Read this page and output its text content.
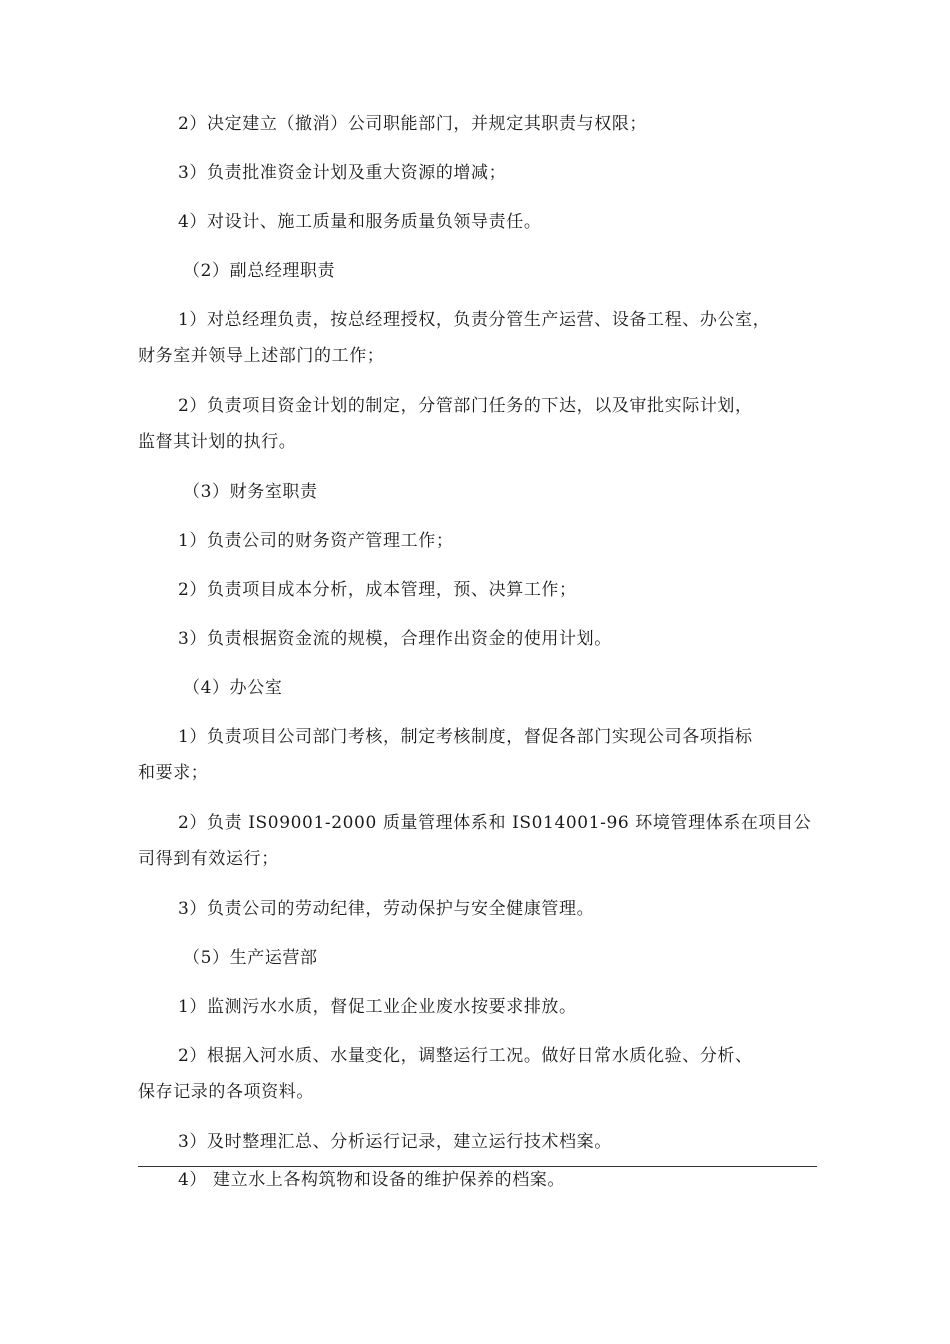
2）决定建立（撤消）公司职能部门，并规定其职责与权限；
3）负责批准资金计划及重大资源的增减；
4）对设计、施工质量和服务质量负领导责任。
（2）副总经理职责
1）对总经理负责，按总经理授权，负责分管生产运营、设备工程、办公室，
财务室并领导上述部门的工作；
2）负责项目资金计划的制定，分管部门任务的下达，以及审批实际计划，
监督其计划的执行。
（3）财务室职责
1）负责公司的财务资产管理工作；
2）负责项目成本分析，成本管理，预、决算工作；
3）负责根据资金流的规模，合理作出资金的使用计划。
（4）办公室
1）负责项目公司部门考核，制定考核制度，督促各部门实现公司各项指标
和要求；
2）负责 IS09001-2000 质量管理体系和 IS014001-96 环境管理体系在项目公
司得到有效运行；
3）负责公司的劳动纪律，劳动保护与安全健康管理。
（5）生产运营部
1）监测污水水质，督促工业企业废水按要求排放。
2）根据入河水质、水量变化，调整运行工况。做好日常水质化验、分析、
保存记录的各项资料。
3）及时整理汇总、分析运行记录，建立运行技术档案。
4） 建立水上各构筑物和设备的维护保养的档案。
